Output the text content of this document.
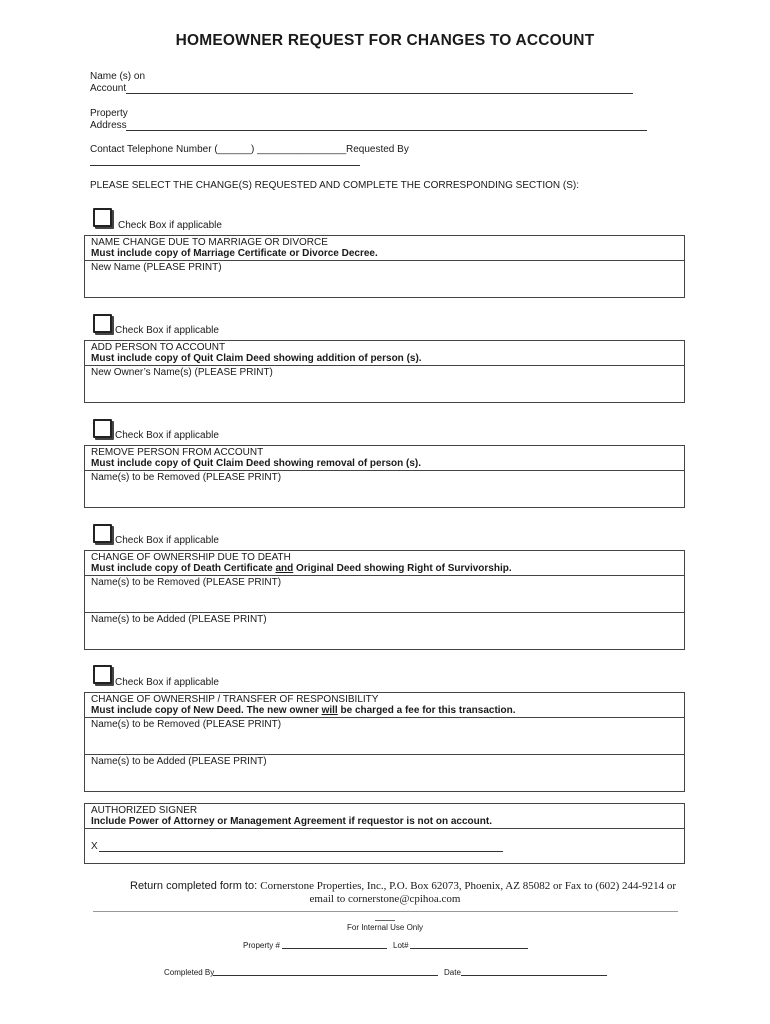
HOMEOWNER REQUEST FOR CHANGES TO ACCOUNT
Name (s) on
Account
Property
Address
Contact Telephone Number (______) ________________ Requested By
PLEASE SELECT THE CHANGE(S) REQUESTED AND COMPLETE THE CORRESPONDING SECTION (S):
Check Box if applicable
NAME CHANGE DUE TO MARRIAGE OR DIVORCE
Must include copy of Marriage Certificate or Divorce Decree.
New Name (PLEASE PRINT)
Check Box if applicable
ADD PERSON TO ACCOUNT
Must include copy of Quit Claim Deed showing addition of person (s).
New Owner’s Name(s) (PLEASE PRINT)
Check Box if applicable
REMOVE PERSON FROM ACCOUNT
Must include copy of Quit Claim Deed showing removal of person (s).
Name(s) to be Removed (PLEASE PRINT)
Check Box if applicable
CHANGE OF OWNERSHIP DUE TO DEATH
Must include copy of Death Certificate and Original Deed showing Right of Survivorship.
Name(s) to be Removed (PLEASE PRINT)
Name(s) to be Added (PLEASE PRINT)
Check Box if applicable
CHANGE OF OWNERSHIP / TRANSFER OF RESPONSIBILITY
Must include copy of New Deed. The new owner will be charged a fee for this transaction.
Name(s) to be Removed (PLEASE PRINT)
Name(s) to be Added (PLEASE PRINT)
AUTHORIZED SIGNER
Include Power of Attorney or Management Agreement if requestor is not on account.
X
Return completed form to: Cornerstone Properties, Inc., P.O. Box 62073, Phoenix, AZ 85082 or Fax to (602) 244-9214 or
email to cornerstone@cpihoa.com
For Internal Use Only
Property #	Lot#
Completed By	Date
